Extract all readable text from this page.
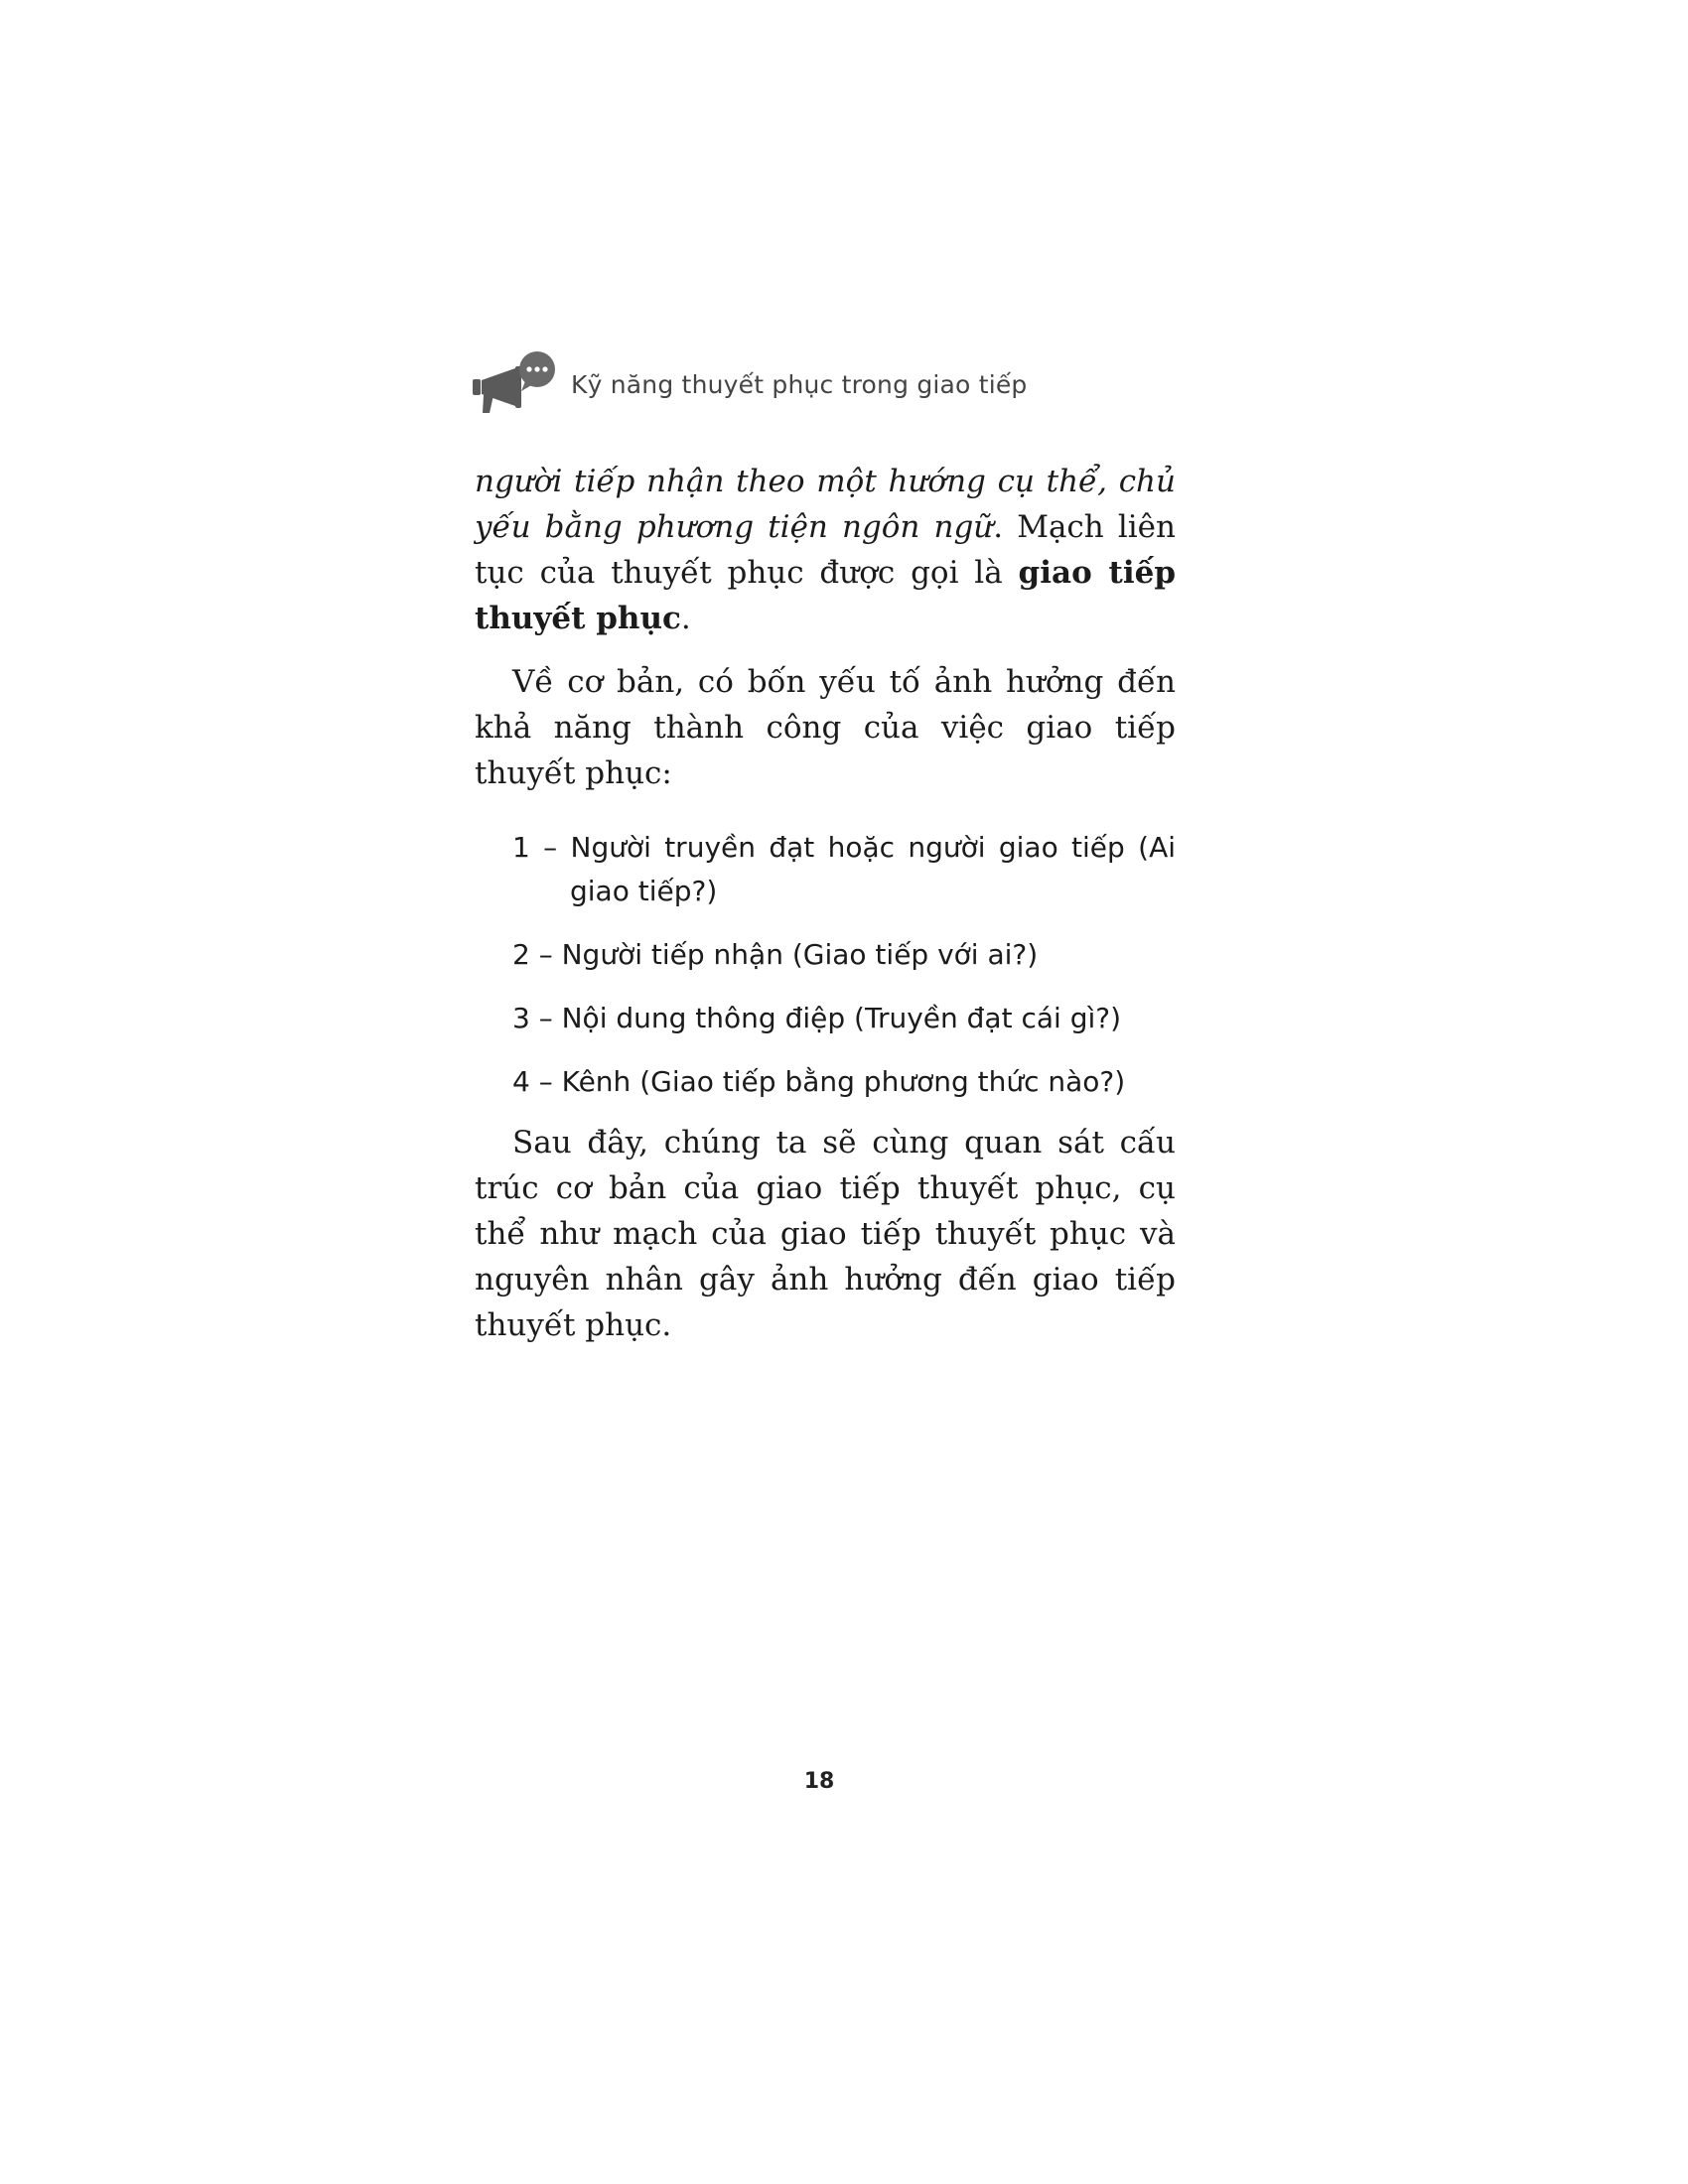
Kỹ năng thuyết phục trong giao tiếp

người tiếp nhận theo một hướng cụ thể, chủ yếu bằng phương tiện ngôn ngữ. Mạch liên tục của thuyết phục được gọi là giao tiếp thuyết phục.

Về cơ bản, có bốn yếu tố ảnh hưởng đến khả năng thành công của việc giao tiếp thuyết phục:

1 – Người truyền đạt hoặc người giao tiếp (Ai giao tiếp?)
2 – Người tiếp nhận (Giao tiếp với ai?)
3 – Nội dung thông điệp (Truyền đạt cái gì?)
4 – Kênh (Giao tiếp bằng phương thức nào?)

Sau đây, chúng ta sẽ cùng quan sát cấu trúc cơ bản của giao tiếp thuyết phục, cụ thể như mạch của giao tiếp thuyết phục và nguyên nhân gây ảnh hưởng đến giao tiếp thuyết phục.

18
